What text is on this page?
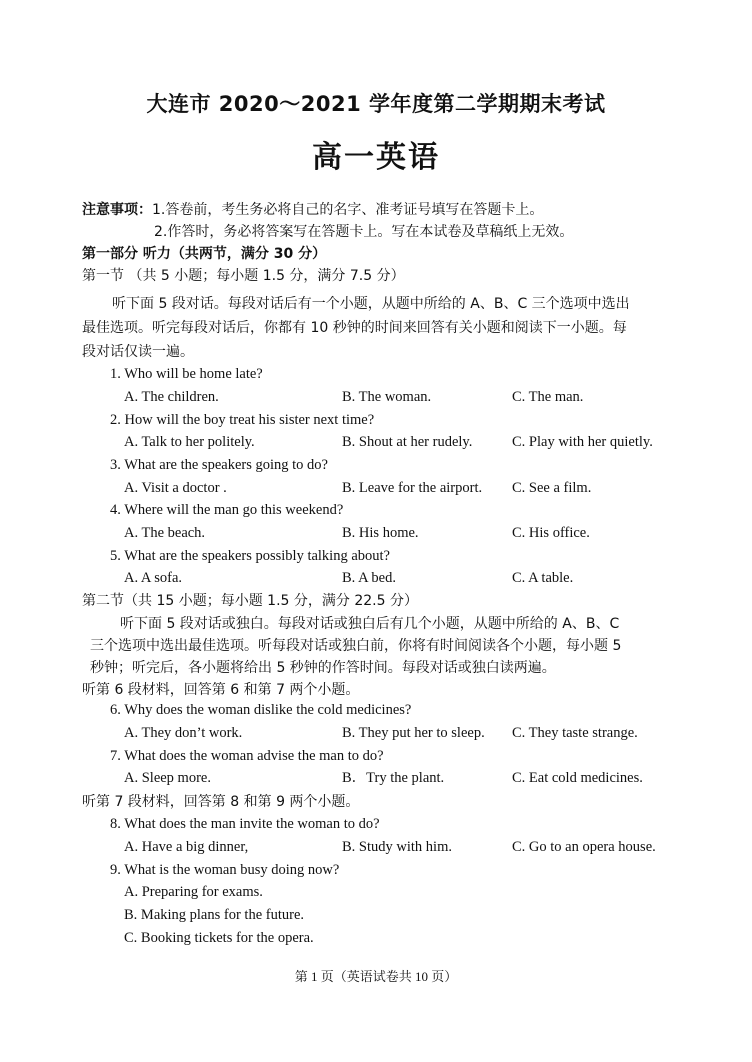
大连市 2020～2021 学年度第二学期期末考试
高一英语
注意事项：1.答卷前，考生务必将自己的名字、准考证号填写在答题卡上。
2.作答时，务必将答案写在答题卡上。写在本试卷及草稿纸上无效。
第一部分 听力（共两节，满分 30 分）
第一节 （共 5 小题；每小题 1.5 分，满分 7.5 分）
听下面 5 段对话。每段对话后有一个小题，从题中所给的 A、B、C 三个选项中选出
最佳选项。听完每段对话后，你都有 10 秒钟的时间来回答有关小题和阅读下一小题。每
段对话仅读一遍。
1. Who will be home late?
A. The children.	B. The woman.	C. The man.
2. How will the boy treat his sister next time?
A. Talk to her politely.	B. Shout at her rudely.	C. Play with her quietly.
3. What are the speakers going to do?
A. Visit a doctor .	B. Leave for the airport. C. See a film.
4. Where will the man go this weekend?
A. The beach.	B. His home.	C. His office.
5. What are the speakers possibly talking about?
A. A sofa.	B. A bed.	C. A table.
第二节（共 15 小题；每小题 1.5 分，满分 22.5 分）
听下面 5 段对话或独白。每段对话或独白后有几个小题，从题中所给的 A、B、C
三个选项中选出最佳选项。听每段对话或独白前，你将有时间阅读各个小题，每小题 5
秒钟；听完后，各小题将给出 5 秒钟的作答时间。每段对话或独白读两遍。
听第 6 段材料，回答第 6 和第 7 两个小题。
6. Why does the woman dislike the cold medicines?
A. They don’t work.	B. They put her to sleep. C. They taste strange.
7. What does the woman advise the man to do?
A. Sleep more.	B．Try the plant.	C. Eat cold medicines.
听第 7 段材料，回答第 8 和第 9 两个小题。
8. What does the man invite the woman to do?
A. Have a big dinner,	B. Study with him.	C. Go to an opera house.
9. What is the woman busy doing now?
A. Preparing for exams.
B. Making plans for the future.
C. Booking tickets for the opera.
第 1 页（英语试卷共 10 页）
